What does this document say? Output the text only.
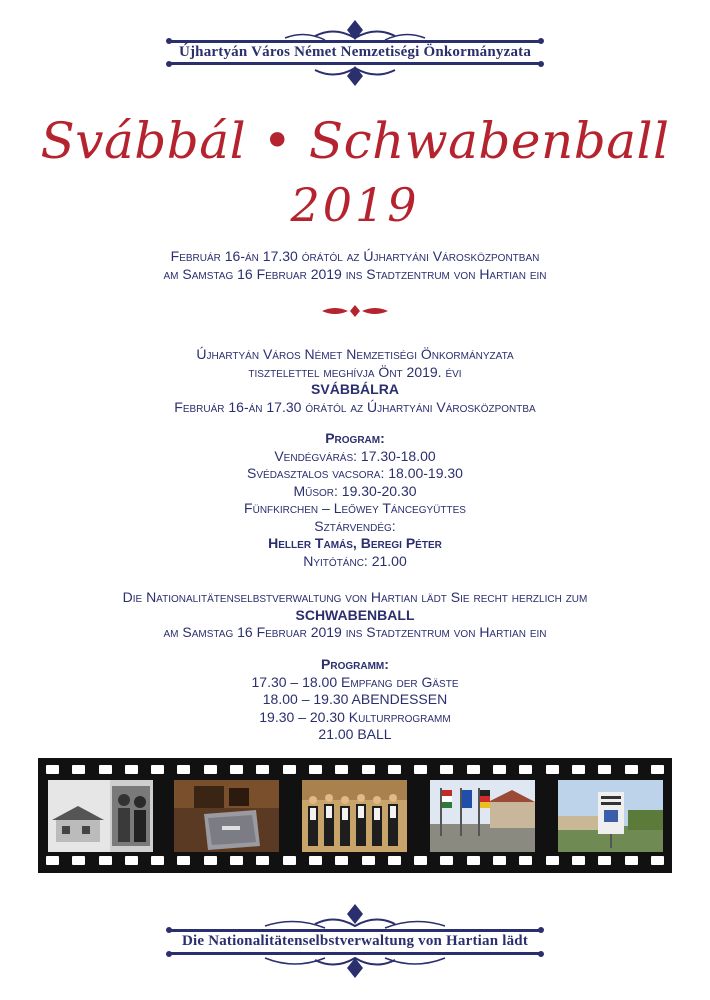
Újhartyán Város Német Nemzetiségi Önkormányzata
Svábbál • Schwabenball
2019
Február 16-án 17.30 órától az Újhartyáni Városközpontban
am Samstag 16 Februar 2019 ins Stadtzentrum von Hartian ein
Újhartyán Város Német Nemzetiségi Önkormányzata
tisztelettel meghívja Önt 2019. évi
SVÁBBÁLRA
Február 16-án 17.30 órától az Újhartyáni Városközpontba
Program:
Vendégvárás: 17.30-18.00
Svédasztalos vacsora: 18.00-19.30
Műsor: 19.30-20.30
Fünfkirchen – Leőwey Táncegyüttes
Sztárvendég:
Heller Tamás, Beregi Péter
Nyitótánc: 21.00
Die Nationalitätenselbstverwaltung von Hartian lädt Sie recht herzlich zum
SCHWABENBALL
am Samstag 16 Februar 2019 ins Stadtzentrum von Hartian ein
Programm:
17.30 – 18.00 Empfang der Gäste
18.00 – 19.30 ABENDESSEN
19.30 – 20.30 Kulturprogramm
21.00 BALL
Die Nationalitätenselbstverwaltung von Hartian lädt
